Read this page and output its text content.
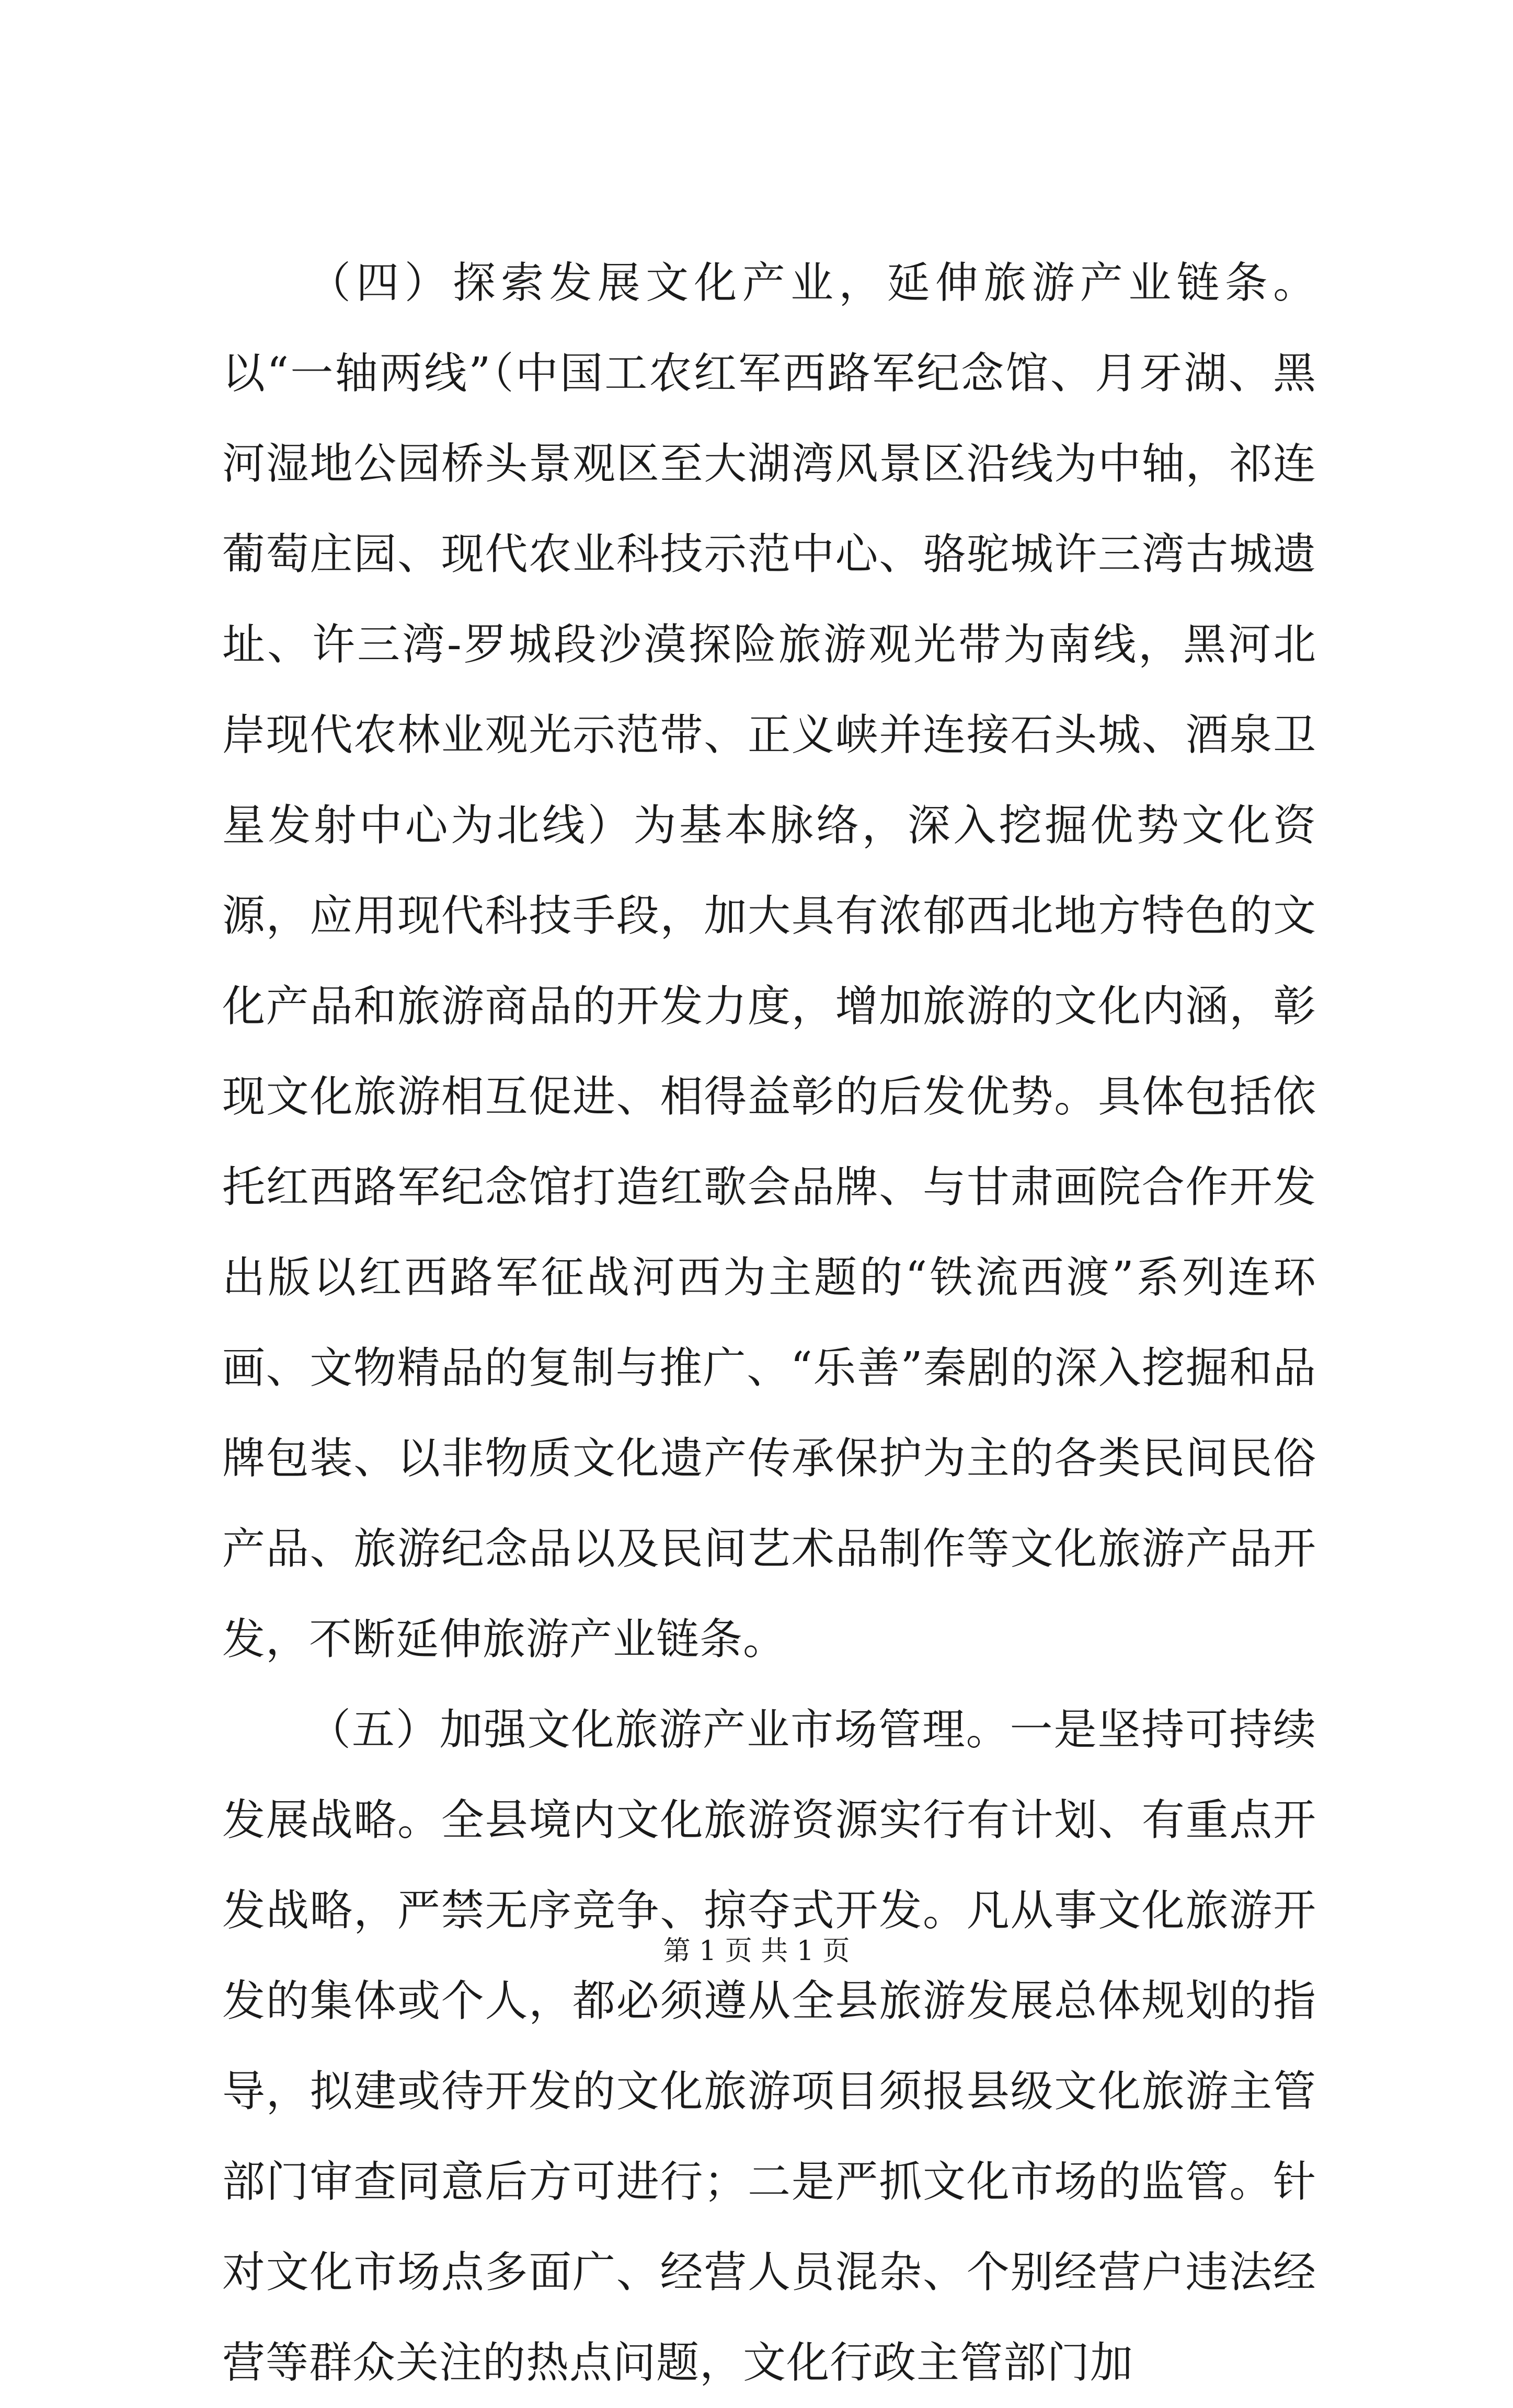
（四）探索发展文化产业，延伸旅游产业链条。以“一轴两线”（中国工农红军西路军纪念馆、月牙湖、黑河湿地公园桥头景观区至大湖湾风景区沿线为中轴，祁连葡萄庄园、现代农业科技示范中心、骆驼城许三湾古城遗址、许三湾-罗城段沙漠探险旅游观光带为南线，黑河北岸现代农林业观光示范带、正义峡并连接石头城、酒泉卫星发射中心为北线）为基本脉络，深入挖掘优势文化资源，应用现代科技手段，加大具有浓郁西北地方特色的文化产品和旅游商品的开发力度，增加旅游的文化内涵，彰现文化旅游相互促进、相得益彰的后发优势。具体包括依托红西路军纪念馆打造红歌会品牌、与甘肃画院合作开发出版以红西路军征战河西为主题的“铁流西渡”系列连环画、文物精品的复制与推广、“乐善”秦剧的深入挖掘和品牌包装、以非物质文化遗产传承保护为主的各类民间民俗产品、旅游纪念品以及民间艺术品制作等文化旅游产品开发，不断延伸旅游产业链条。

（五）加强文化旅游产业市场管理。一是坚持可持续发展战略。全县境内文化旅游资源实行有计划、有重点开发战略，严禁无序竞争、掠夺式开发。凡从事文化旅游开发的集体或个人，都必须遵从全县旅游发展总体规划的指导，拟建或待开发的文化旅游项目须报县级文化旅游主管部门审查同意后方可进行；二是严抓文化市场的监管。针对文化市场点多面广、经营人员混杂、个别经营户违法经营等群众关注的热点问题，文化行政主管部门加

第 1 页 共 1 页
